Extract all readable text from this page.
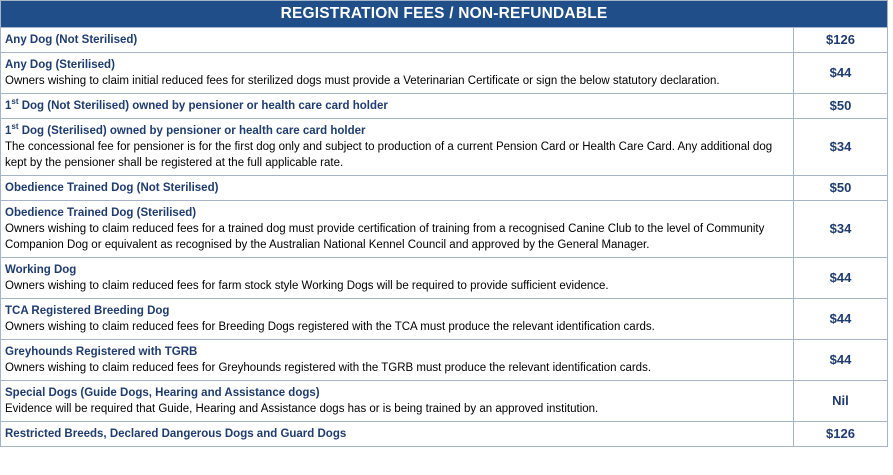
REGISTRATION FEES / NON-REFUNDABLE	

Any Dog (Not Sterilised)	$126

Any Dog (Sterilised)
Owners wishing to claim initial reduced fees for sterilized dogs must provide a Veterinarian Certificate or sign the below statutory declaration.	$44

1st Dog (Not Sterilised) owned by pensioner or health care card holder	$50

1st Dog (Sterilised) owned by pensioner or health care card holder
The concessional fee for pensioner is for the first dog only and subject to production of a current Pension Card or Health Care Card. Any additional dog kept by the pensioner shall be registered at the full applicable rate.	$34

Obedience Trained Dog (Not Sterilised)	$50

Obedience Trained Dog (Sterilised)
Owners wishing to claim reduced fees for a trained dog must provide certification of training from a recognised Canine Club to the level of Community Companion Dog or equivalent as recognised by the Australian National Kennel Council and approved by the General Manager.	$34

Working Dog
Owners wishing to claim reduced fees for farm stock style Working Dogs will be required to provide sufficient evidence.	$44

TCA Registered Breeding Dog
Owners wishing to claim reduced fees for Breeding Dogs registered with the TCA must produce the relevant identification cards.	$44

Greyhounds Registered with TGRB
Owners wishing to claim reduced fees for Greyhounds registered with the TGRB must produce the relevant identification cards.	$44

Special Dogs (Guide Dogs, Hearing and Assistance dogs)
Evidence will be required that Guide, Hearing and Assistance dogs has or is being trained by an approved institution.	Nil

Restricted Breeds, Declared Dangerous Dogs and Guard Dogs	$126
